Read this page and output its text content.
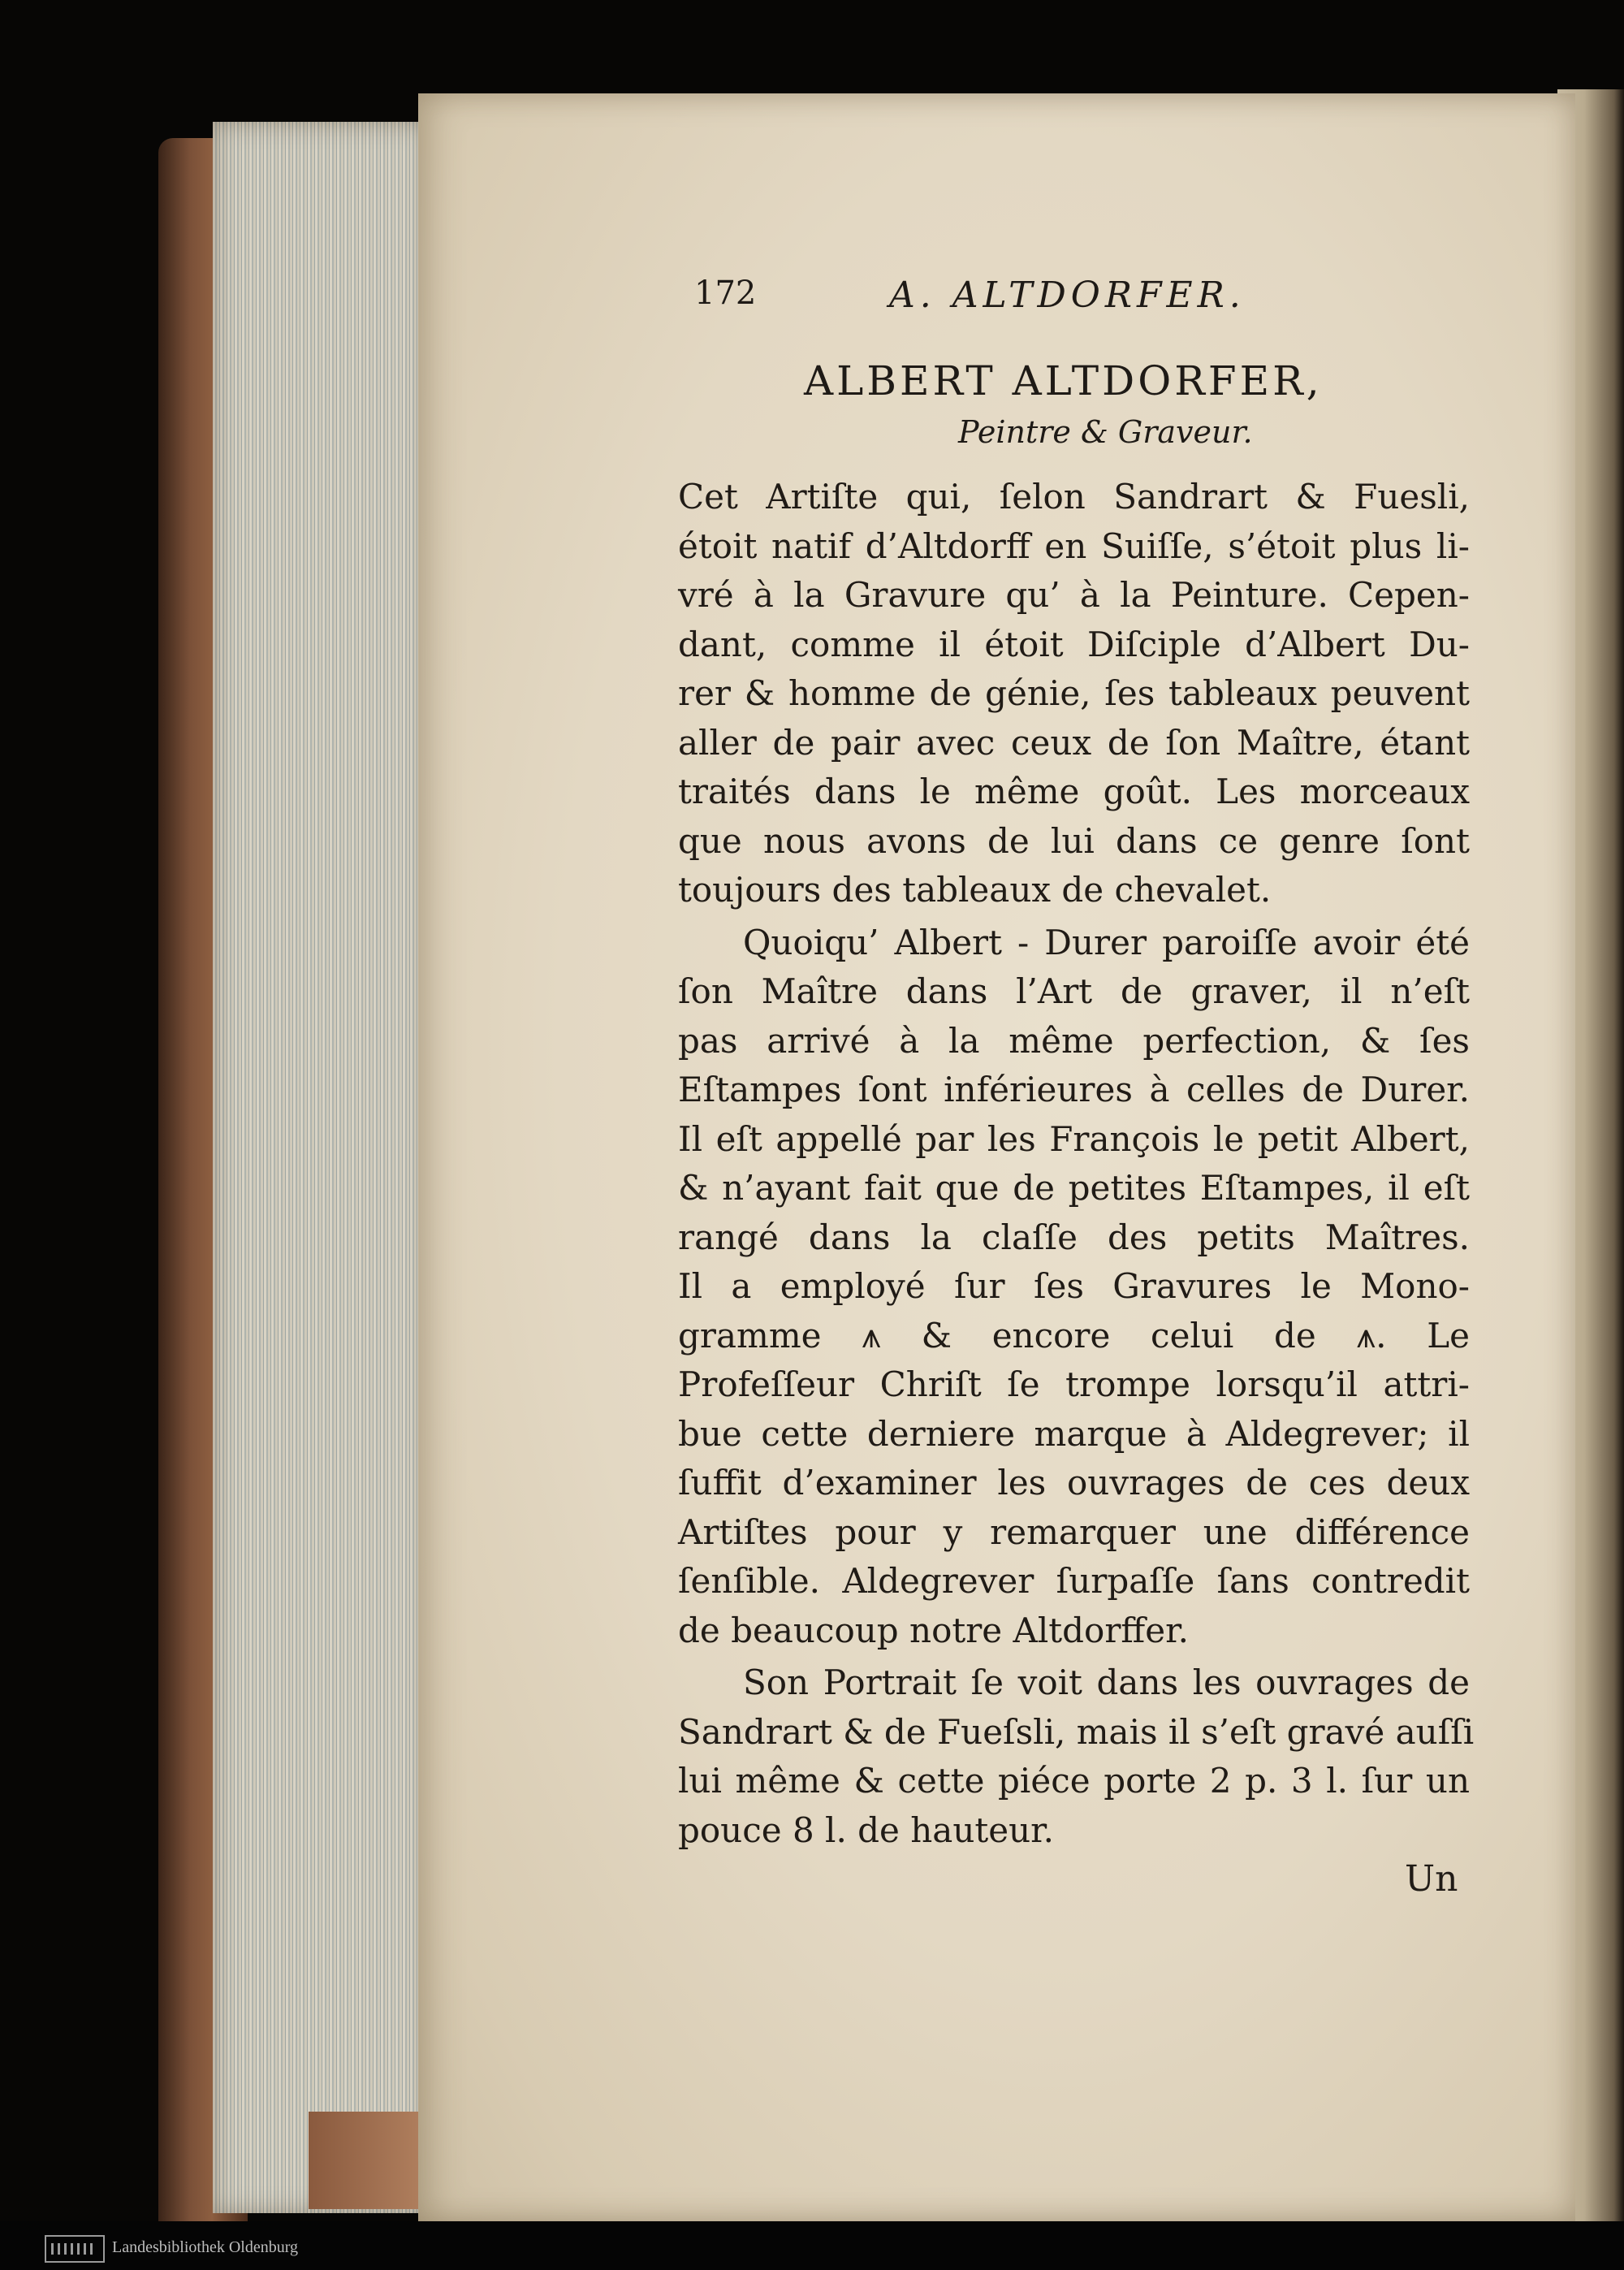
172	A. ALTDORFER.
ALBERT ALTDORFER,
Peintre & Graveur.
Cet Artiſte qui, ſelon Sandrart & Fuesli,
étoit natif d’Altdorff en Suiſſe, s’étoit plus li-
vré à la Gravure qu’ à la Peinture. Cepen-
dant, comme il étoit Diſciple d’Albert Du-
rer & homme de génie, ſes tableaux peuvent
aller de pair avec ceux de ſon Maître, étant
traités dans le même goût. Les morceaux
que nous avons de lui dans ce genre ſont
toujours des tableaux de chevalet.
Quoiqu’ Albert - Durer paroiſſe avoir été
ſon Maître dans l’Art de graver, il n’eſt
pas arrivé à la même perfection, & ſes
Eſtampes ſont inférieures à celles de Durer.
Il eſt appellé par les François le petit Albert,
& n’ayant fait que de petites Eſtampes, il eſt
rangé dans la claſſe des petits Maîtres.
Il a employé ſur ſes Gravures le Mono-
gramme ⩚ & encore celui de ⩚. Le
Profeſſeur Chriſt ſe trompe lorsqu’il attri-
bue cette derniere marque à Aldegrever; il
ſuffit d’examiner les ouvrages de ces deux
Artiſtes pour y remarquer une différence
ſenſible. Aldegrever ſurpaſſe ſans contredit
de beaucoup notre Altdorffer.
Son Portrait ſe voit dans les ouvrages de
Sandrart & de Fueſsli, mais il s’eſt gravé auſſi
lui même & cette piéce porte 2 p. 3 l. ſur un
pouce 8 l. de hauteur.
Un
Landesbibliothek Oldenburg
